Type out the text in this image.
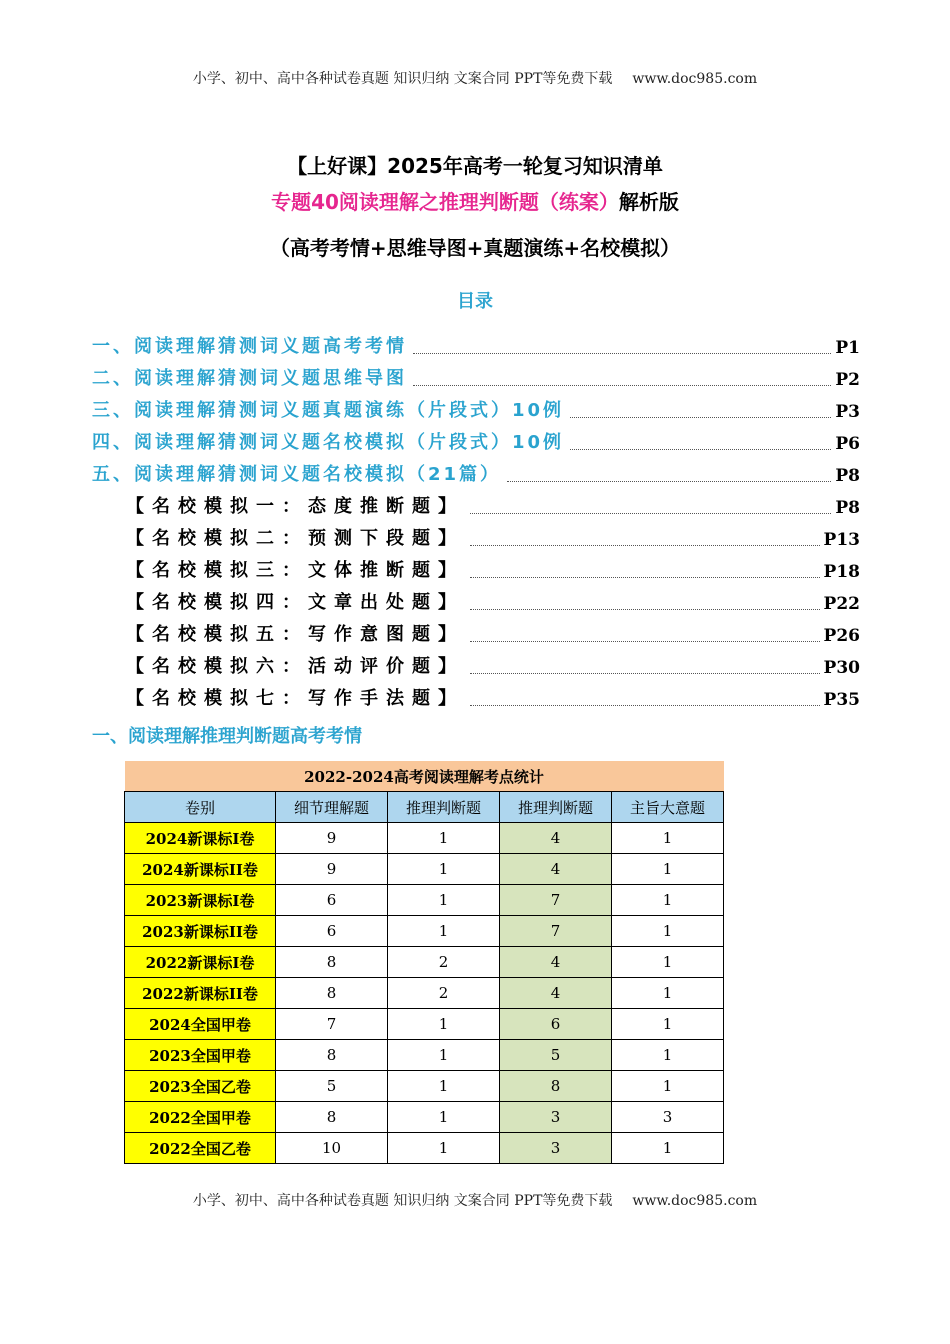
小学、初中、高中各种试卷真题 知识归纳 文案合同 PPT等免费下载 www.doc985.com
【上好课】2025年高考一轮复习知识清单
专题40阅读理解之推理判断题（练案）解析版
（高考考情+思维导图+真题演练+名校模拟）
目录
一、阅读理解猜测词义题高考考情	P1
二、阅读理解猜测词义题思维导图	P2
三、阅读理解猜测词义题真题演练（片段式）10例	P3
四、阅读理解猜测词义题名校模拟（片段式）10例	P6
五、阅读理解猜测词义题名校模拟（21篇）	P8
【名校模拟一：态度推断题】	P8
【名校模拟二：预测下段题】	P13
【名校模拟三：文体推断题】	P18
【名校模拟四：文章出处题】	P22
【名校模拟五：写作意图题】	P26
【名校模拟六：活动评价题】	P30
【名校模拟七：写作手法题】	P35
一、阅读理解推理判断题高考考情
2022-2024高考阅读理解考点统计				
卷别	细节理解题	推理判断题	推理判断题	主旨大意题
2024新课标I卷	9	1	4	1
2024新课标II卷	9	1	4	1
2023新课标I卷	6	1	7	1
2023新课标II卷	6	1	7	1
2022新课标I卷	8	2	4	1
2022新课标II卷	8	2	4	1
2024全国甲卷	7	1	6	1
2023全国甲卷	8	1	5	1
2023全国乙卷	5	1	8	1
2022全国甲卷	8	1	3	3
2022全国乙卷	10	1	3	1
小学、初中、高中各种试卷真题 知识归纳 文案合同 PPT等免费下载 www.doc985.com
